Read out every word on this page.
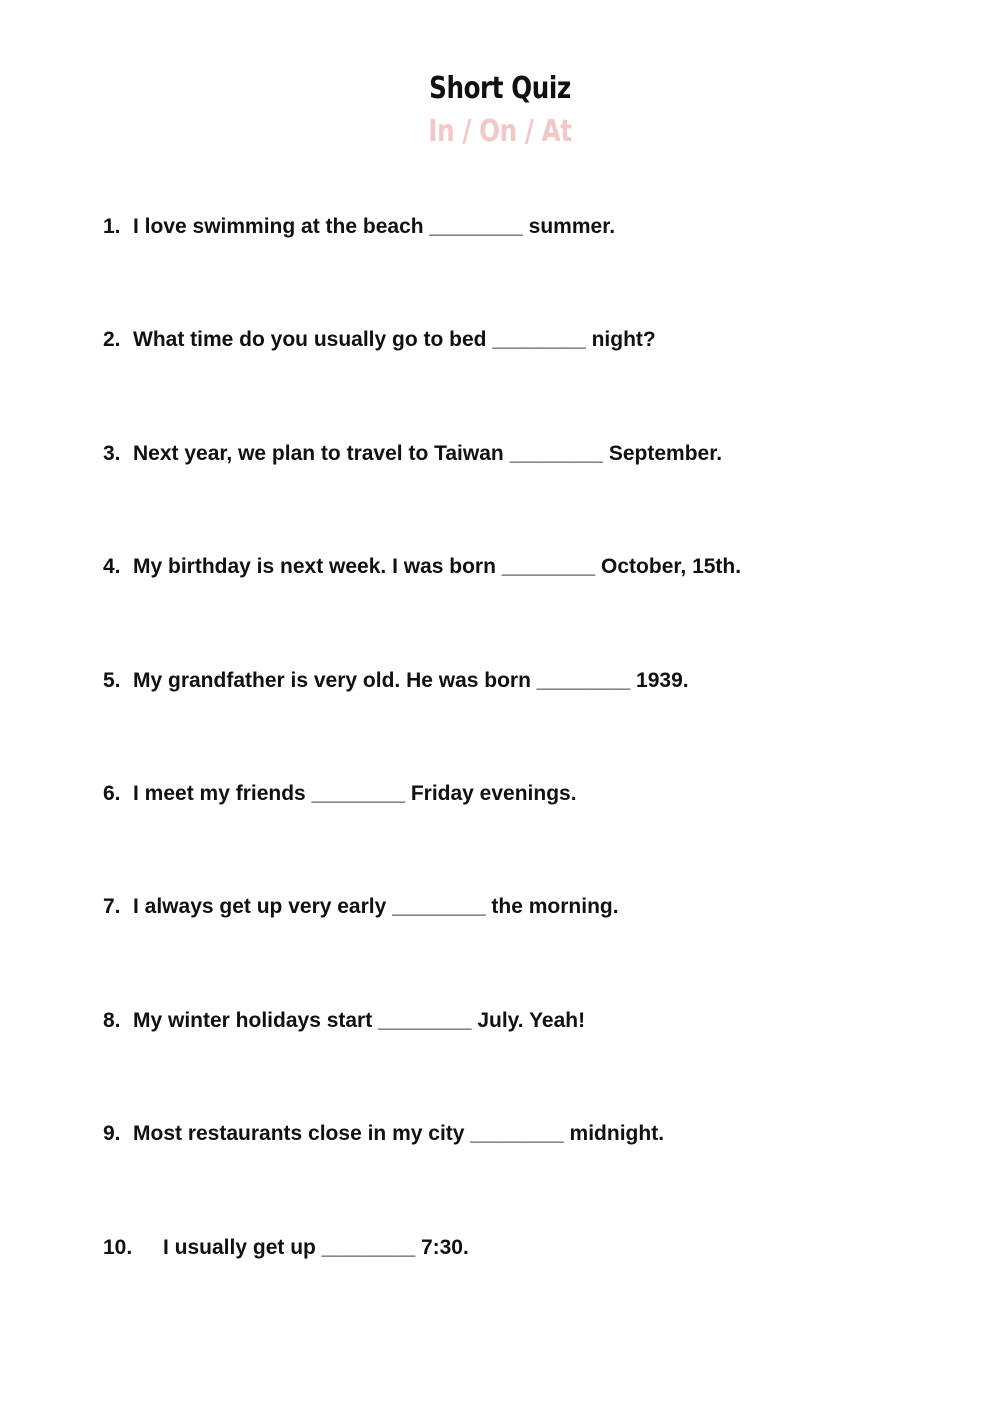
Short Quiz
In / On / At
1. I love swimming at the beach ________ summer.
2. What time do you usually go to bed ________ night?
3. Next year, we plan to travel to Taiwan ________ September.
4. My birthday is next week. I was born ________ October, 15th.
5. My grandfather is very old. He was born ________ 1939.
6. I meet my friends ________ Friday evenings.
7. I always get up very early ________ the morning.
8. My winter holidays start ________ July. Yeah!
9. Most restaurants close in my city ________ midnight.
10.	I usually get up ________ 7:30.
